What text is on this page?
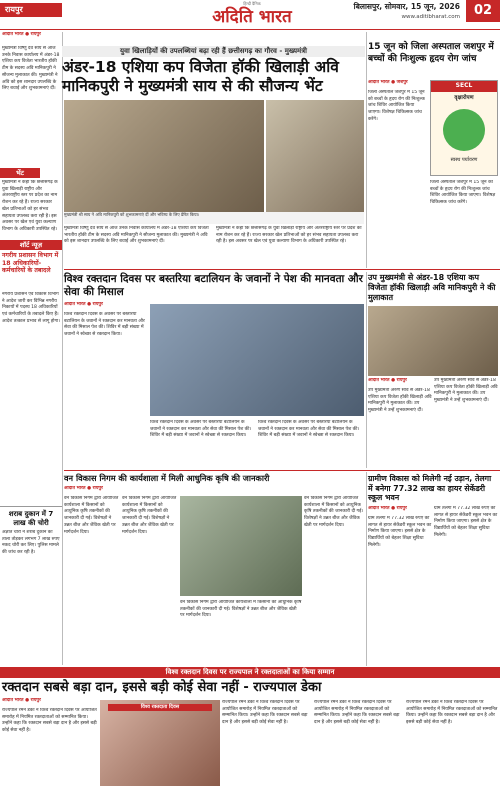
रायपुर
हिन्दी दैनिक
अदिति भारत
बिलासपुर, सोमवार, 15 जून, 2026
www.aditibharat.com	02
अदिति भारत ● रायपुर
मुख्यमंत्री विष्णु देव साय से आज उनके निवास कार्यालय में अंडर-18 एशिया कप विजेता भारतीय हॉकी टीम के सदस्य अवि मानिकपुरी ने सौजन्य मुलाकात की। मुख्यमंत्री ने अवि को इस शानदार उपलब्धि के लिए बधाई और शुभकामनाएं दीं।
भेंट
मुख्यमंत्री ने कहा कि छत्तीसगढ़ के युवा खिलाड़ी राष्ट्रीय और अंतरराष्ट्रीय स्तर पर प्रदेश का नाम रोशन कर रहे हैं। राज्य सरकार खेल प्रतिभाओं को हर संभव सहायता उपलब्ध करा रही है। इस अवसर पर खेल एवं युवा कल्याण विभाग के अधिकारी उपस्थित रहे।
शॉर्ट न्यूज़
नगरीय प्रशासन विभाग में 18 अधिकारियों-कर्मचारियों के तबादले
नगरीय प्रशासन एवं विकास विभाग ने आदेश जारी कर विभिन्न नगरीय निकायों में पदस्थ 18 अधिकारियों एवं कर्मचारियों के तबादले किए हैं। आदेश तत्काल प्रभाव से लागू होगा।
शराब दुकान में 7 लाख की चोरी
अज्ञात चोरों ने शराब दुकान का ताला तोड़कर लगभग 7 लाख रुपए नकद चोरी कर लिए। पुलिस मामले की जांच कर रही है।
युवा खिलाड़ियों की उपलब्धियां बढ़ा रही हैं छत्तीसगढ़ का गौरव - मुख्यमंत्री
अंडर-18 एशिया कप विजेता हॉकी खिलाड़ी अवि मानिकपुरी ने मुख्यमंत्री साय से की सौजन्य भेंट
मुख्यमंत्री श्री साय ने अवि मानिकपुरी को शुभकामनाएं दीं और भविष्य के लिए प्रेरित किया।
मुख्यमंत्री विष्णु देव साय से आज उनके निवास कार्यालय में अंडर-18 एशिया कप विजेता भारतीय हॉकी टीम के सदस्य अवि मानिकपुरी ने सौजन्य मुलाकात की। मुख्यमंत्री ने अवि को इस शानदार उपलब्धि के लिए बधाई और शुभकामनाएं दीं।
मुख्यमंत्री ने कहा कि छत्तीसगढ़ के युवा खिलाड़ी राष्ट्रीय और अंतरराष्ट्रीय स्तर पर प्रदेश का नाम रोशन कर रहे हैं। राज्य सरकार खेल प्रतिभाओं को हर संभव सहायता उपलब्ध करा रही है। इस अवसर पर खेल एवं युवा कल्याण विभाग के अधिकारी उपस्थित रहे।
15 जून को जिला अस्पताल जशपुर में बच्चों की निःशुल्क हृदय रोग जांच
अदिति भारत ● जशपुर
जिला अस्पताल जशपुर में 15 जून को बच्चों के हृदय रोग की निःशुल्क जांच शिविर आयोजित किया जाएगा। विशेषज्ञ चिकित्सक जांच करेंगे।
SECL
वृक्षारोपण
स्वस्थ पर्यावरण
जिला अस्पताल जशपुर में 15 जून को बच्चों के हृदय रोग की निःशुल्क जांच शिविर आयोजित किया जाएगा। विशेषज्ञ चिकित्सक जांच करेंगे।
विश्व रक्तदान दिवस पर बस्तरिया बटालियन के जवानों ने पेश की मानवता और सेवा की मिसाल
अदिति भारत ● रायपुर
विश्व रक्तदान दिवस के अवसर पर बस्तरिया बटालियन के जवानों ने रक्तदान कर मानवता और सेवा की मिसाल पेश की। शिविर में बड़ी संख्या में जवानों ने स्वेच्छा से रक्तदान किया।
विश्व रक्तदान दिवस के अवसर पर बस्तरिया बटालियन के जवानों ने रक्तदान कर मानवता और सेवा की मिसाल पेश की। शिविर में बड़ी संख्या में जवानों ने स्वेच्छा से रक्तदान किया।
विश्व रक्तदान दिवस के अवसर पर बस्तरिया बटालियन के जवानों ने रक्तदान कर मानवता और सेवा की मिसाल पेश की। शिविर में बड़ी संख्या में जवानों ने स्वेच्छा से रक्तदान किया।
उप मुख्यमंत्री से अंडर-18 एशिया कप विजेता हॉकी खिलाड़ी अवि मानिकपुरी ने की मुलाकात
अदिति भारत ● रायपुर
उप मुख्यमंत्री अरुण साव से अंडर-18 एशिया कप विजेता हॉकी खिलाड़ी अवि मानिकपुरी ने मुलाकात की। उप मुख्यमंत्री ने उन्हें शुभकामनाएं दीं।
उप मुख्यमंत्री अरुण साव से अंडर-18 एशिया कप विजेता हॉकी खिलाड़ी अवि मानिकपुरी ने मुलाकात की। उप मुख्यमंत्री ने उन्हें शुभकामनाएं दीं।
वन विकास निगम की कार्यशाला में मिली आधुनिक कृषि की जानकारी
अदिति भारत ● रायपुर
वन विकास निगम द्वारा आयोजित कार्यशाला में किसानों को आधुनिक कृषि तकनीकों की जानकारी दी गई। विशेषज्ञों ने उन्नत बीज और जैविक खेती पर मार्गदर्शन दिया।
वन विकास निगम द्वारा आयोजित कार्यशाला में किसानों को आधुनिक कृषि तकनीकों की जानकारी दी गई। विशेषज्ञों ने उन्नत बीज और जैविक खेती पर मार्गदर्शन दिया।
वन विकास निगम द्वारा आयोजित कार्यशाला में किसानों को आधुनिक कृषि तकनीकों की जानकारी दी गई। विशेषज्ञों ने उन्नत बीज और जैविक खेती पर मार्गदर्शन दिया।
वन विकास निगम द्वारा आयोजित कार्यशाला में किसानों को आधुनिक कृषि तकनीकों की जानकारी दी गई। विशेषज्ञों ने उन्नत बीज और जैविक खेती पर मार्गदर्शन दिया।
ग्रामीण विकास को मिलेगी नई उड़ान, तेलगा में बनेगा 77.32 लाख का हायर सेकेंडरी स्कूल भवन
अदिति भारत ● रायपुर
ग्राम तेलगा में 77.32 लाख रुपए की लागत से हायर सेकेंडरी स्कूल भवन का निर्माण किया जाएगा। इससे क्षेत्र के विद्यार्थियों को बेहतर शिक्षा सुविधा मिलेगी।
ग्राम तेलगा में 77.32 लाख रुपए की लागत से हायर सेकेंडरी स्कूल भवन का निर्माण किया जाएगा। इससे क्षेत्र के विद्यार्थियों को बेहतर शिक्षा सुविधा मिलेगी।
विश्व रक्तदान दिवस पर राज्यपाल ने रक्तदाताओं का किया सम्मान
रक्तदान सबसे बड़ा दान, इससे बड़ी कोई सेवा नहीं - राज्यपाल डेका
अदिति भारत ● रायपुर
राज्यपाल रमेन डेका ने विश्व रक्तदान दिवस पर आयोजित समारोह में नियमित रक्तदाताओं को सम्मानित किया। उन्होंने कहा कि रक्तदान सबसे बड़ा दान है और इससे बड़ी कोई सेवा नहीं है।
विश्व रक्तदाता दिवस
राज्यपाल रमेन डेका ने विश्व रक्तदान दिवस पर आयोजित समारोह में नियमित रक्तदाताओं को सम्मानित किया। उन्होंने कहा कि रक्तदान सबसे बड़ा दान है और इससे बड़ी कोई सेवा नहीं है।
राज्यपाल रमेन डेका ने विश्व रक्तदान दिवस पर आयोजित समारोह में नियमित रक्तदाताओं को सम्मानित किया। उन्होंने कहा कि रक्तदान सबसे बड़ा दान है और इससे बड़ी कोई सेवा नहीं है।
राज्यपाल रमेन डेका ने विश्व रक्तदान दिवस पर आयोजित समारोह में नियमित रक्तदाताओं को सम्मानित किया। उन्होंने कहा कि रक्तदान सबसे बड़ा दान है और इससे बड़ी कोई सेवा नहीं है।
